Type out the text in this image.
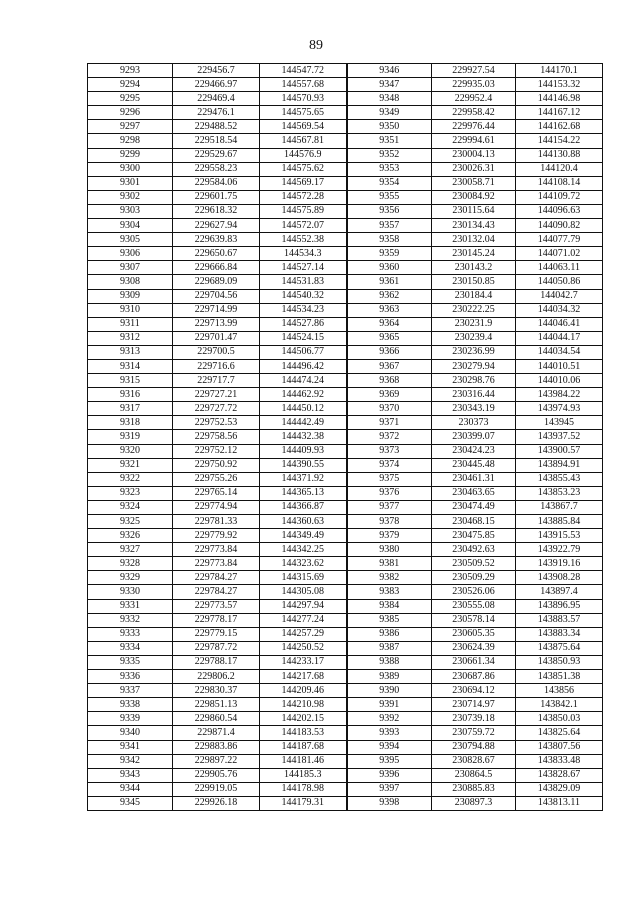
89
9293	229456.7	144547.72	9346	229927.54	144170.1
9294	229466.97	144557.68	9347	229935.03	144153.32
9295	229469.4	144570.93	9348	229952.4	144146.98
9296	229476.1	144575.65	9349	229958.42	144167.12
9297	229488.52	144569.54	9350	229976.44	144162.68
9298	229518.54	144567.81	9351	229994.61	144154.22
9299	229529.67	144576.9	9352	230004.13	144130.88
9300	229558.23	144575.62	9353	230026.31	144120.4
9301	229584.06	144569.17	9354	230058.71	144108.14
9302	229601.75	144572.28	9355	230084.92	144109.72
9303	229618.32	144575.89	9356	230115.64	144096.63
9304	229627.94	144572.07	9357	230134.43	144090.82
9305	229639.83	144552.38	9358	230132.04	144077.79
9306	229650.67	144534.3	9359	230145.24	144071.02
9307	229666.84	144527.14	9360	230143.2	144063.11
9308	229689.09	144531.83	9361	230150.85	144050.86
9309	229704.56	144540.32	9362	230184.4	144042.7
9310	229714.99	144534.23	9363	230222.25	144034.32
9311	229713.99	144527.86	9364	230231.9	144046.41
9312	229701.47	144524.15	9365	230239.4	144044.17
9313	229700.5	144506.77	9366	230236.99	144034.54
9314	229716.6	144496.42	9367	230279.94	144010.51
9315	229717.7	144474.24	9368	230298.76	144010.06
9316	229727.21	144462.92	9369	230316.44	143984.22
9317	229727.72	144450.12	9370	230343.19	143974.93
9318	229752.53	144442.49	9371	230373	143945
9319	229758.56	144432.38	9372	230399.07	143937.52
9320	229752.12	144409.93	9373	230424.23	143900.57
9321	229750.92	144390.55	9374	230445.48	143894.91
9322	229755.26	144371.92	9375	230461.31	143855.43
9323	229765.14	144365.13	9376	230463.65	143853.23
9324	229774.94	144366.87	9377	230474.49	143867.7
9325	229781.33	144360.63	9378	230468.15	143885.84
9326	229779.92	144349.49	9379	230475.85	143915.53
9327	229773.84	144342.25	9380	230492.63	143922.79
9328	229773.84	144323.62	9381	230509.52	143919.16
9329	229784.27	144315.69	9382	230509.29	143908.28
9330	229784.27	144305.08	9383	230526.06	143897.4
9331	229773.57	144297.94	9384	230555.08	143896.95
9332	229778.17	144277.24	9385	230578.14	143883.57
9333	229779.15	144257.29	9386	230605.35	143883.34
9334	229787.72	144250.52	9387	230624.39	143875.64
9335	229788.17	144233.17	9388	230661.34	143850.93
9336	229806.2	144217.68	9389	230687.86	143851.38
9337	229830.37	144209.46	9390	230694.12	143856
9338	229851.13	144210.98	9391	230714.97	143842.1
9339	229860.54	144202.15	9392	230739.18	143850.03
9340	229871.4	144183.53	9393	230759.72	143825.64
9341	229883.86	144187.68	9394	230794.88	143807.56
9342	229897.22	144181.46	9395	230828.67	143833.48
9343	229905.76	144185.3	9396	230864.5	143828.67
9344	229919.05	144178.98	9397	230885.83	143829.09
9345	229926.18	144179.31	9398	230897.3	143813.11
